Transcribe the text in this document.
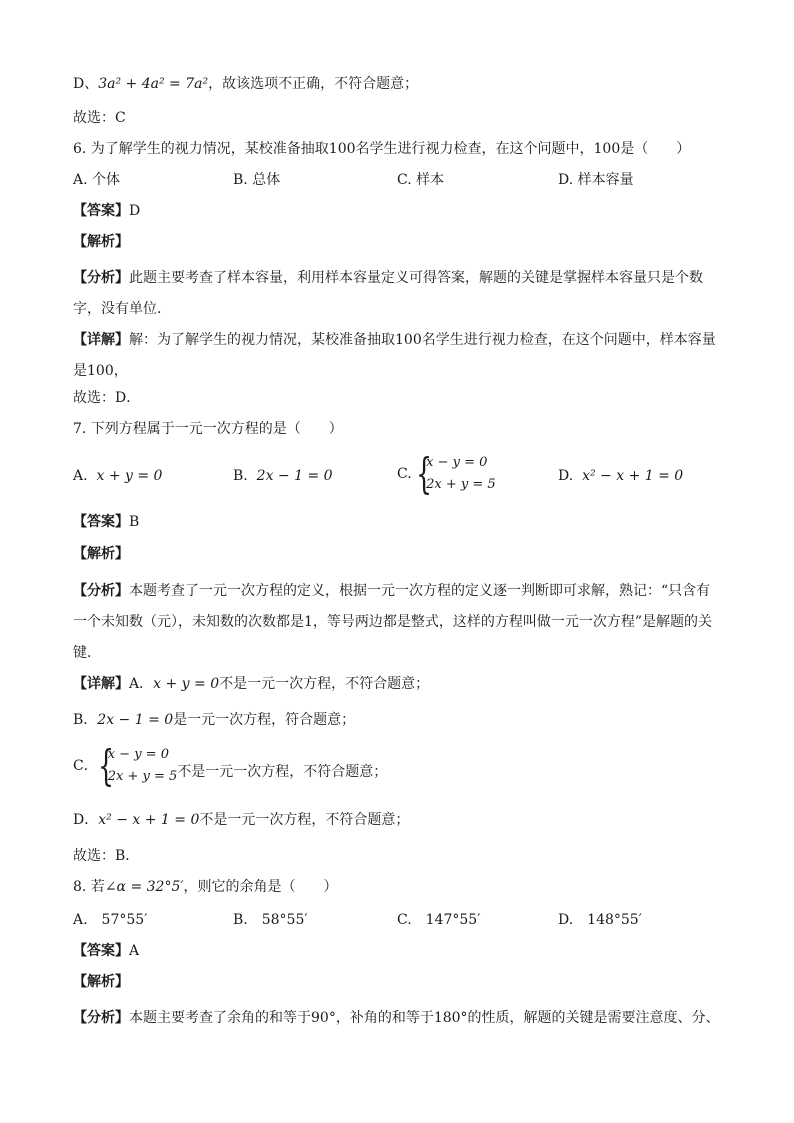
D、3a² + 4a² = 7a²，故该选项不正确，不符合题意；
故选：C
6. 为了解学生的视力情况，某校准备抽取100名学生进行视力检查，在这个问题中，100是（　　）
A. 个体	B. 总体	C. 样本	D. 样本容量
【答案】D
【解析】
【分析】此题主要考查了样本容量，利用样本容量定义可得答案，解题的关键是掌握样本容量只是个数字，没有单位．
【详解】解：为了解学生的视力情况，某校准备抽取100名学生进行视力检查，在这个问题中，样本容量是100，
故选：D．
7. 下列方程属于一元一次方程的是（　　）
A. x + y = 0	B. 2x − 1 = 0	C. {
x − y = 0
2x + y = 5
D. x² − x + 1 = 0
【答案】B
【解析】
【分析】本题考查了一元一次方程的定义，根据一元一次方程的定义逐一判断即可求解，熟记：“只含有一个未知数（元），未知数的次数都是1，等号两边都是整式，这样的方程叫做一元一次方程”是解题的关键．
【详解】A．x + y = 0不是一元一次方程，不符合题意；
B．2x − 1 = 0是一元一次方程，符合题意；
C． {
x − y = 0
2x + y = 5 不是一元一次方程，不符合题意；
D．x² − x + 1 = 0不是一元一次方程，不符合题意；
故选：B．
8. 若∠α = 32°5′，则它的余角是（　　）
A.　57°55′	B.　58°55′	C.　147°55′	D.　148°55′
【答案】A
【解析】
【分析】本题主要考查了余角的和等于90°，补角的和等于180°的性质，解题的关键是需要注意度、分、
